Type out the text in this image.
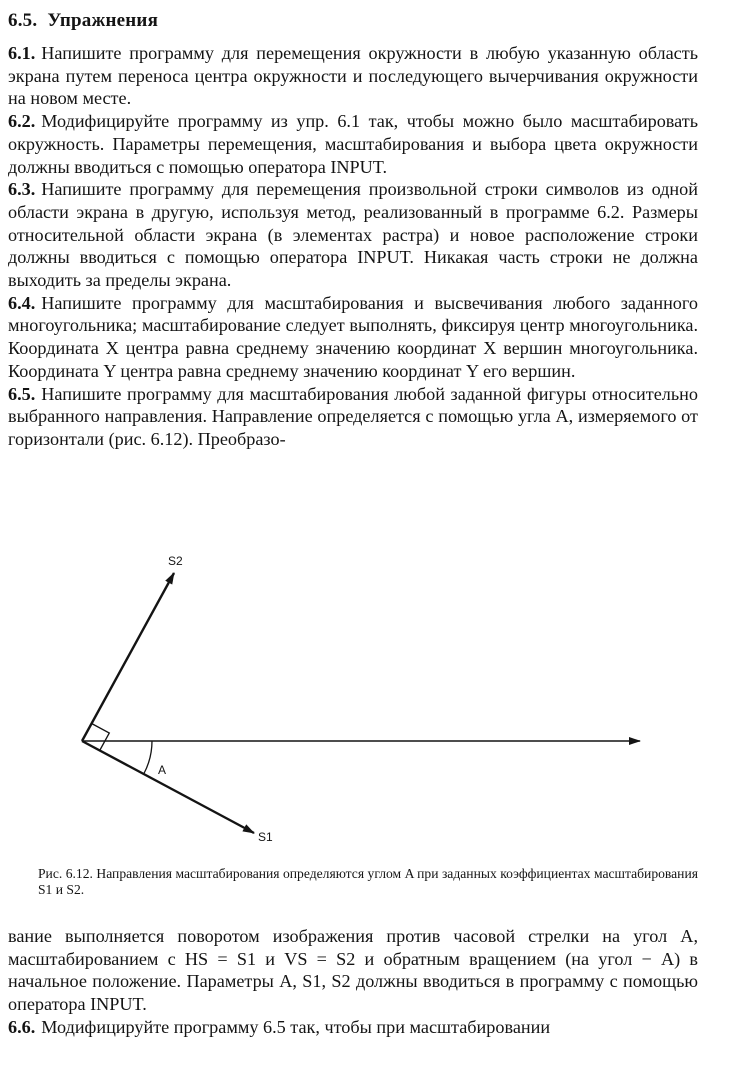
6.5. Упражнения

6.1. Напишите программу для перемещения окружности в любую указанную область экрана путем переноса центра окружности и последующего вычерчивания окружности на новом месте.

6.2. Модифицируйте программу из упр. 6.1 так, чтобы можно было масштабировать окружность. Параметры перемещения, масштабирования и выбора цвета окружности должны вводиться с помощью оператора INPUT.

6.3. Напишите программу для перемещения произвольной строки символов из одной области экрана в другую, используя метод, реализованный в программе 6.2. Размеры относительной области экрана (в элементах растра) и новое расположение строки должны вводиться с помощью оператора INPUT. Никакая часть строки не должна выходить за пределы экрана.

6.4. Напишите программу для масштабирования и высвечивания любого заданного многоугольника; масштабирование следует выполнять, фиксируя центр многоугольника. Координата X центра равна среднему значению координат X вершин многоугольника. Координата Y центра равна среднему значению координат Y его вершин.

6.5. Напишите программу для масштабирования любой заданной фигуры относительно выбранного направления. Направление определяется с помощью угла A, измеряемого от горизонтали (рис. 6.12). Преобразо-

S2
S1
A
Рис. 6.12. Направления масштабирования определяются углом A при заданных коэффициентах масштабирования S1 и S2.

вание выполняется поворотом изображения против часовой стрелки на угол A, масштабированием с HS = S1 и VS = S2 и обратным вращением (на угол − A) в начальное положение. Параметры A, S1, S2 должны вводиться в программу с помощью оператора INPUT.

6.6. Модифицируйте программу 6.5 так, чтобы при масштабировании
